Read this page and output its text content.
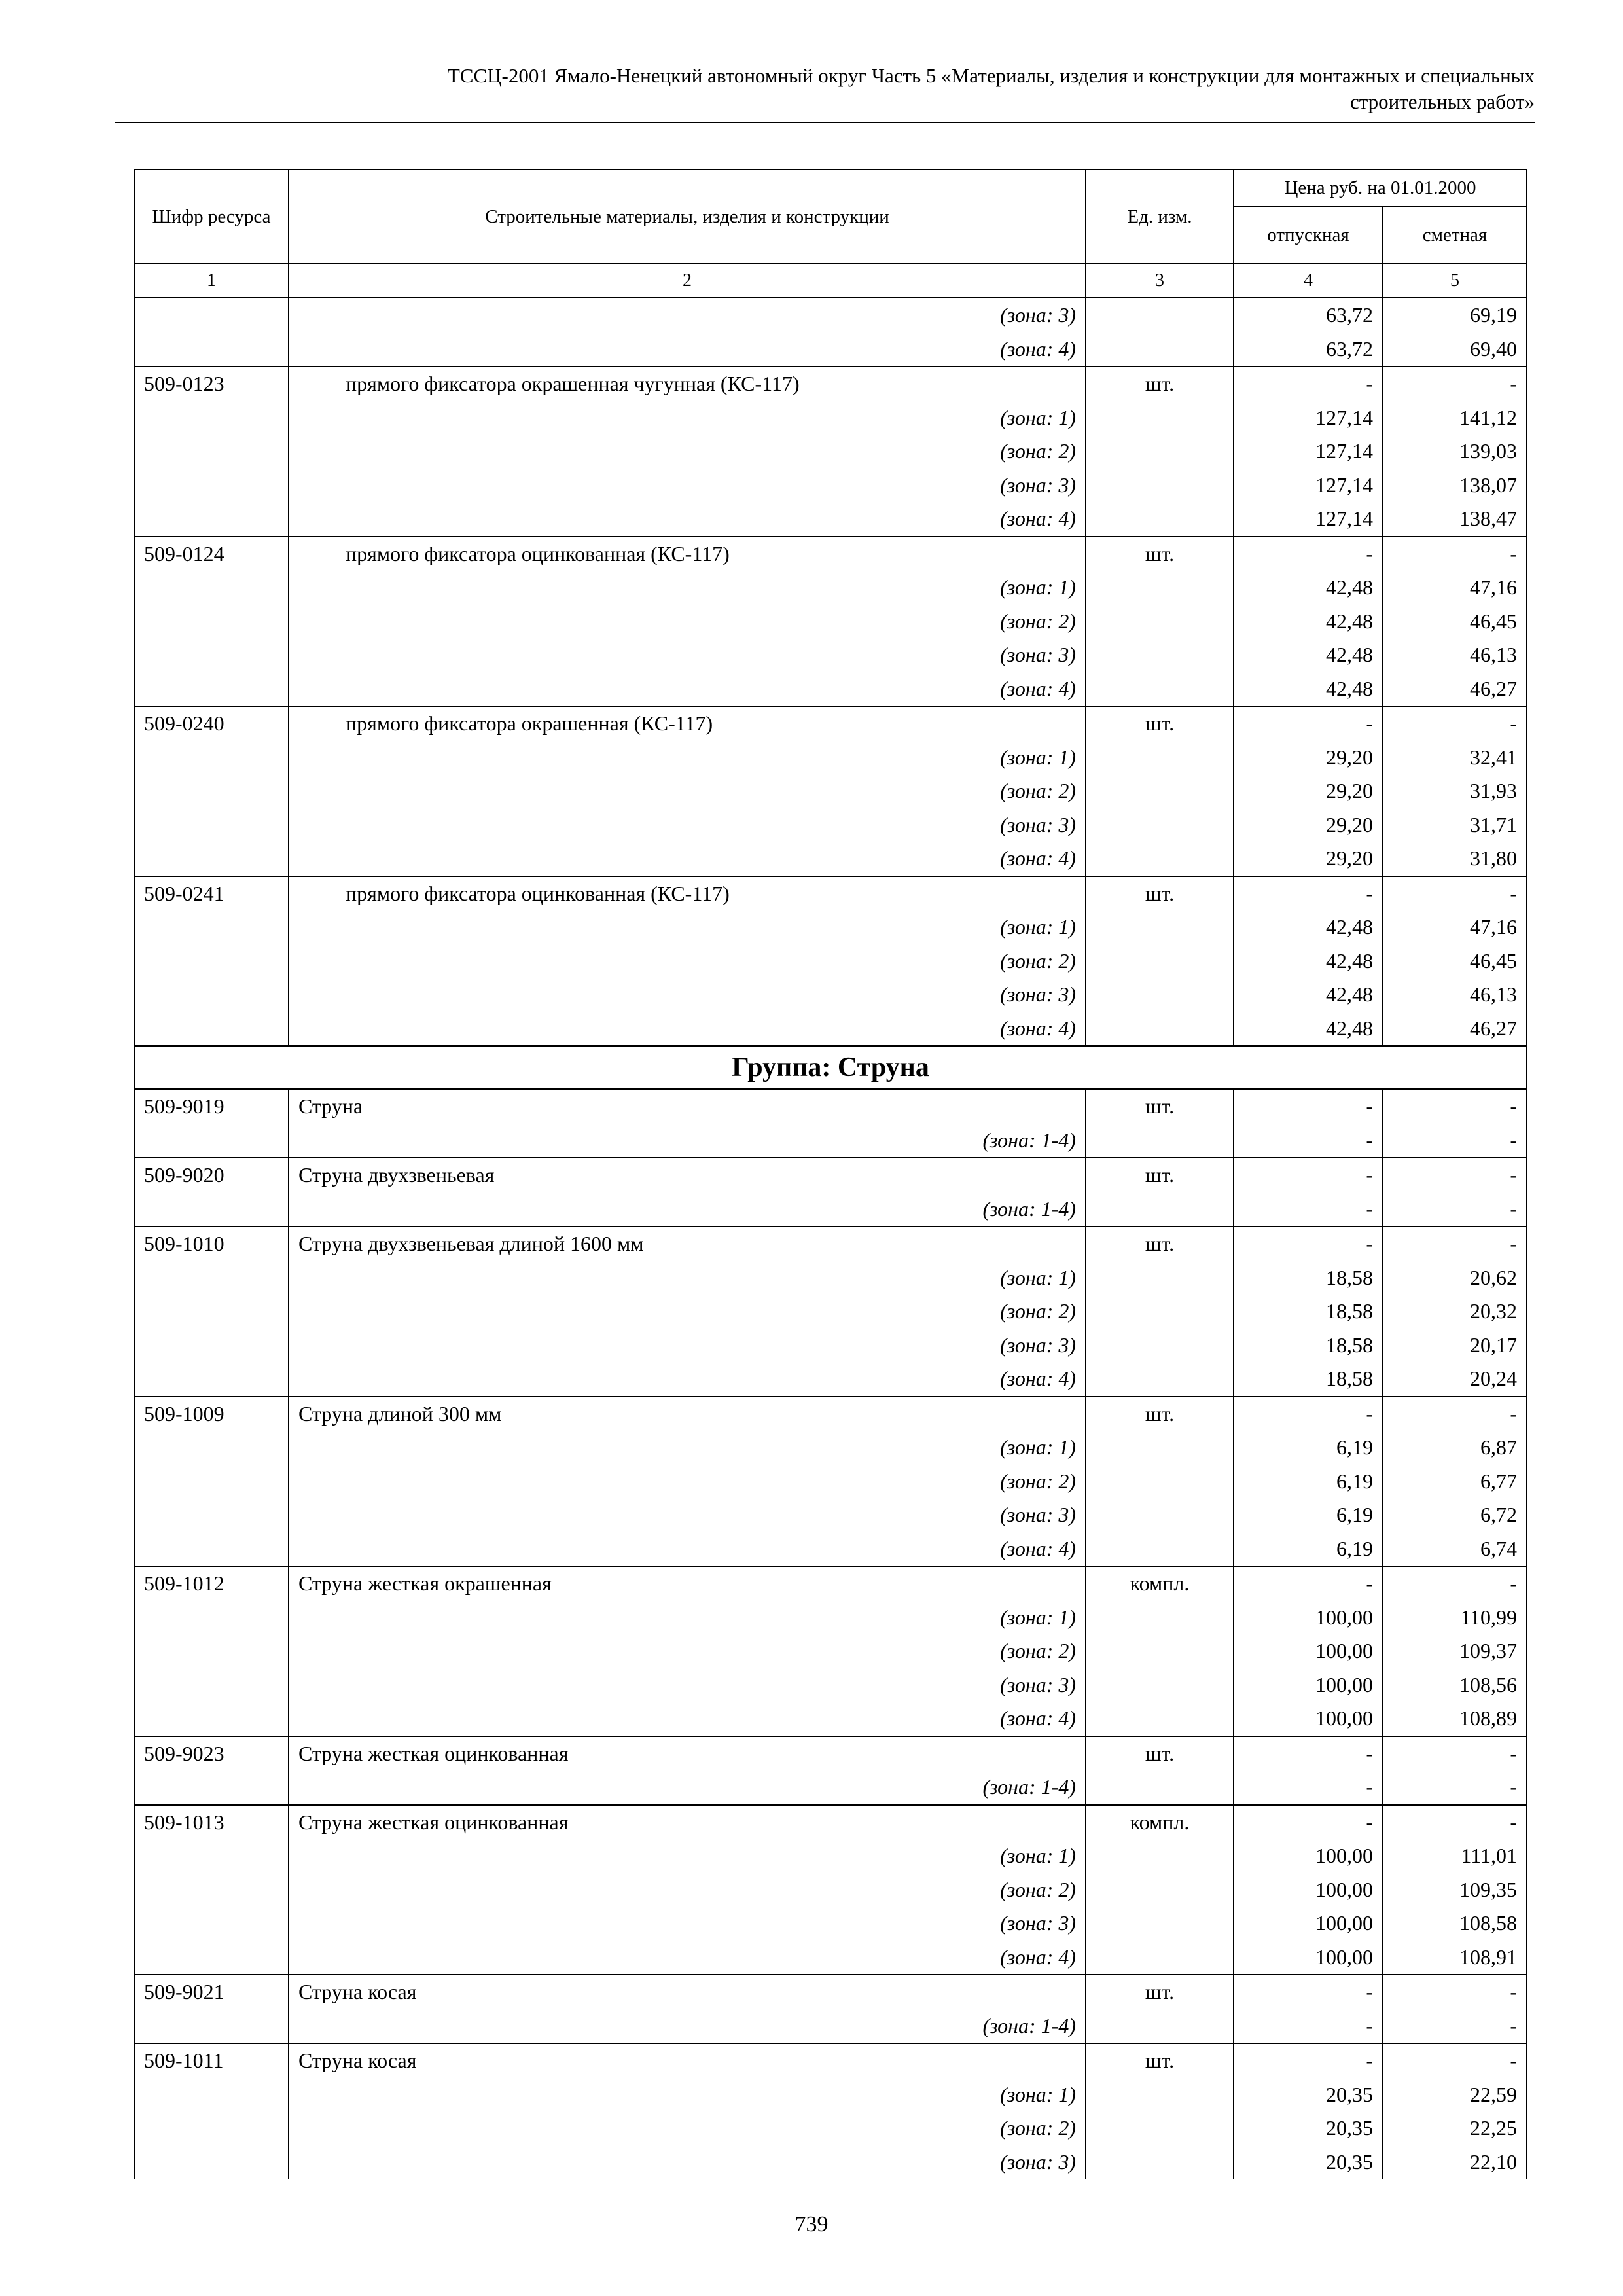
ТССЦ-2001 Ямало-Ненецкий автономный округ Часть 5 «Материалы, изделия и конструкции для монтажных и специальных
строительных работ»
Шифр ресурса	Строительные материалы, изделия и конструкции	Ед. изм.	Цена руб. на 01.01.2000	
			отпускная	сметная
1	2	3	4	5
	(зона: 3)		63,72	69,19
	(зона: 4)		63,72	69,40
509-0123	прямого фиксатора окрашенная чугунная (КС-117)	шт.	-	-
	(зона: 1)		127,14	141,12
	(зона: 2)		127,14	139,03
	(зона: 3)		127,14	138,07
	(зона: 4)		127,14	138,47
509-0124	прямого фиксатора оцинкованная (КС-117)	шт.	-	-
	(зона: 1)		42,48	47,16
	(зона: 2)		42,48	46,45
	(зона: 3)		42,48	46,13
	(зона: 4)		42,48	46,27
509-0240	прямого фиксатора окрашенная (КС-117)	шт.	-	-
	(зона: 1)		29,20	32,41
	(зона: 2)		29,20	31,93
	(зона: 3)		29,20	31,71
	(зона: 4)		29,20	31,80
509-0241	прямого фиксатора оцинкованная (КС-117)	шт.	-	-
	(зона: 1)		42,48	47,16
	(зона: 2)		42,48	46,45
	(зона: 3)		42,48	46,13
	(зона: 4)		42,48	46,27
Группа: Струна				
509-9019	Струна	шт.	-	-
	(зона: 1-4)		-	-
509-9020	Струна двухзвеньевая	шт.	-	-
	(зона: 1-4)		-	-
509-1010	Струна двухзвеньевая длиной 1600 мм	шт.	-	-
	(зона: 1)		18,58	20,62
	(зона: 2)		18,58	20,32
	(зона: 3)		18,58	20,17
	(зона: 4)		18,58	20,24
509-1009	Струна длиной 300 мм	шт.	-	-
	(зона: 1)		6,19	6,87
	(зона: 2)		6,19	6,77
	(зона: 3)		6,19	6,72
	(зона: 4)		6,19	6,74
509-1012	Струна жесткая окрашенная	компл.	-	-
	(зона: 1)		100,00	110,99
	(зона: 2)		100,00	109,37
	(зона: 3)		100,00	108,56
	(зона: 4)		100,00	108,89
509-9023	Струна жесткая оцинкованная	шт.	-	-
	(зона: 1-4)		-	-
509-1013	Струна жесткая оцинкованная	компл.	-	-
	(зона: 1)		100,00	111,01
	(зона: 2)		100,00	109,35
	(зона: 3)		100,00	108,58
	(зона: 4)		100,00	108,91
509-9021	Струна косая	шт.	-	-
	(зона: 1-4)		-	-
509-1011	Струна косая	шт.	-	-
	(зона: 1)		20,35	22,59
	(зона: 2)		20,35	22,25
	(зона: 3)		20,35	22,10
739
